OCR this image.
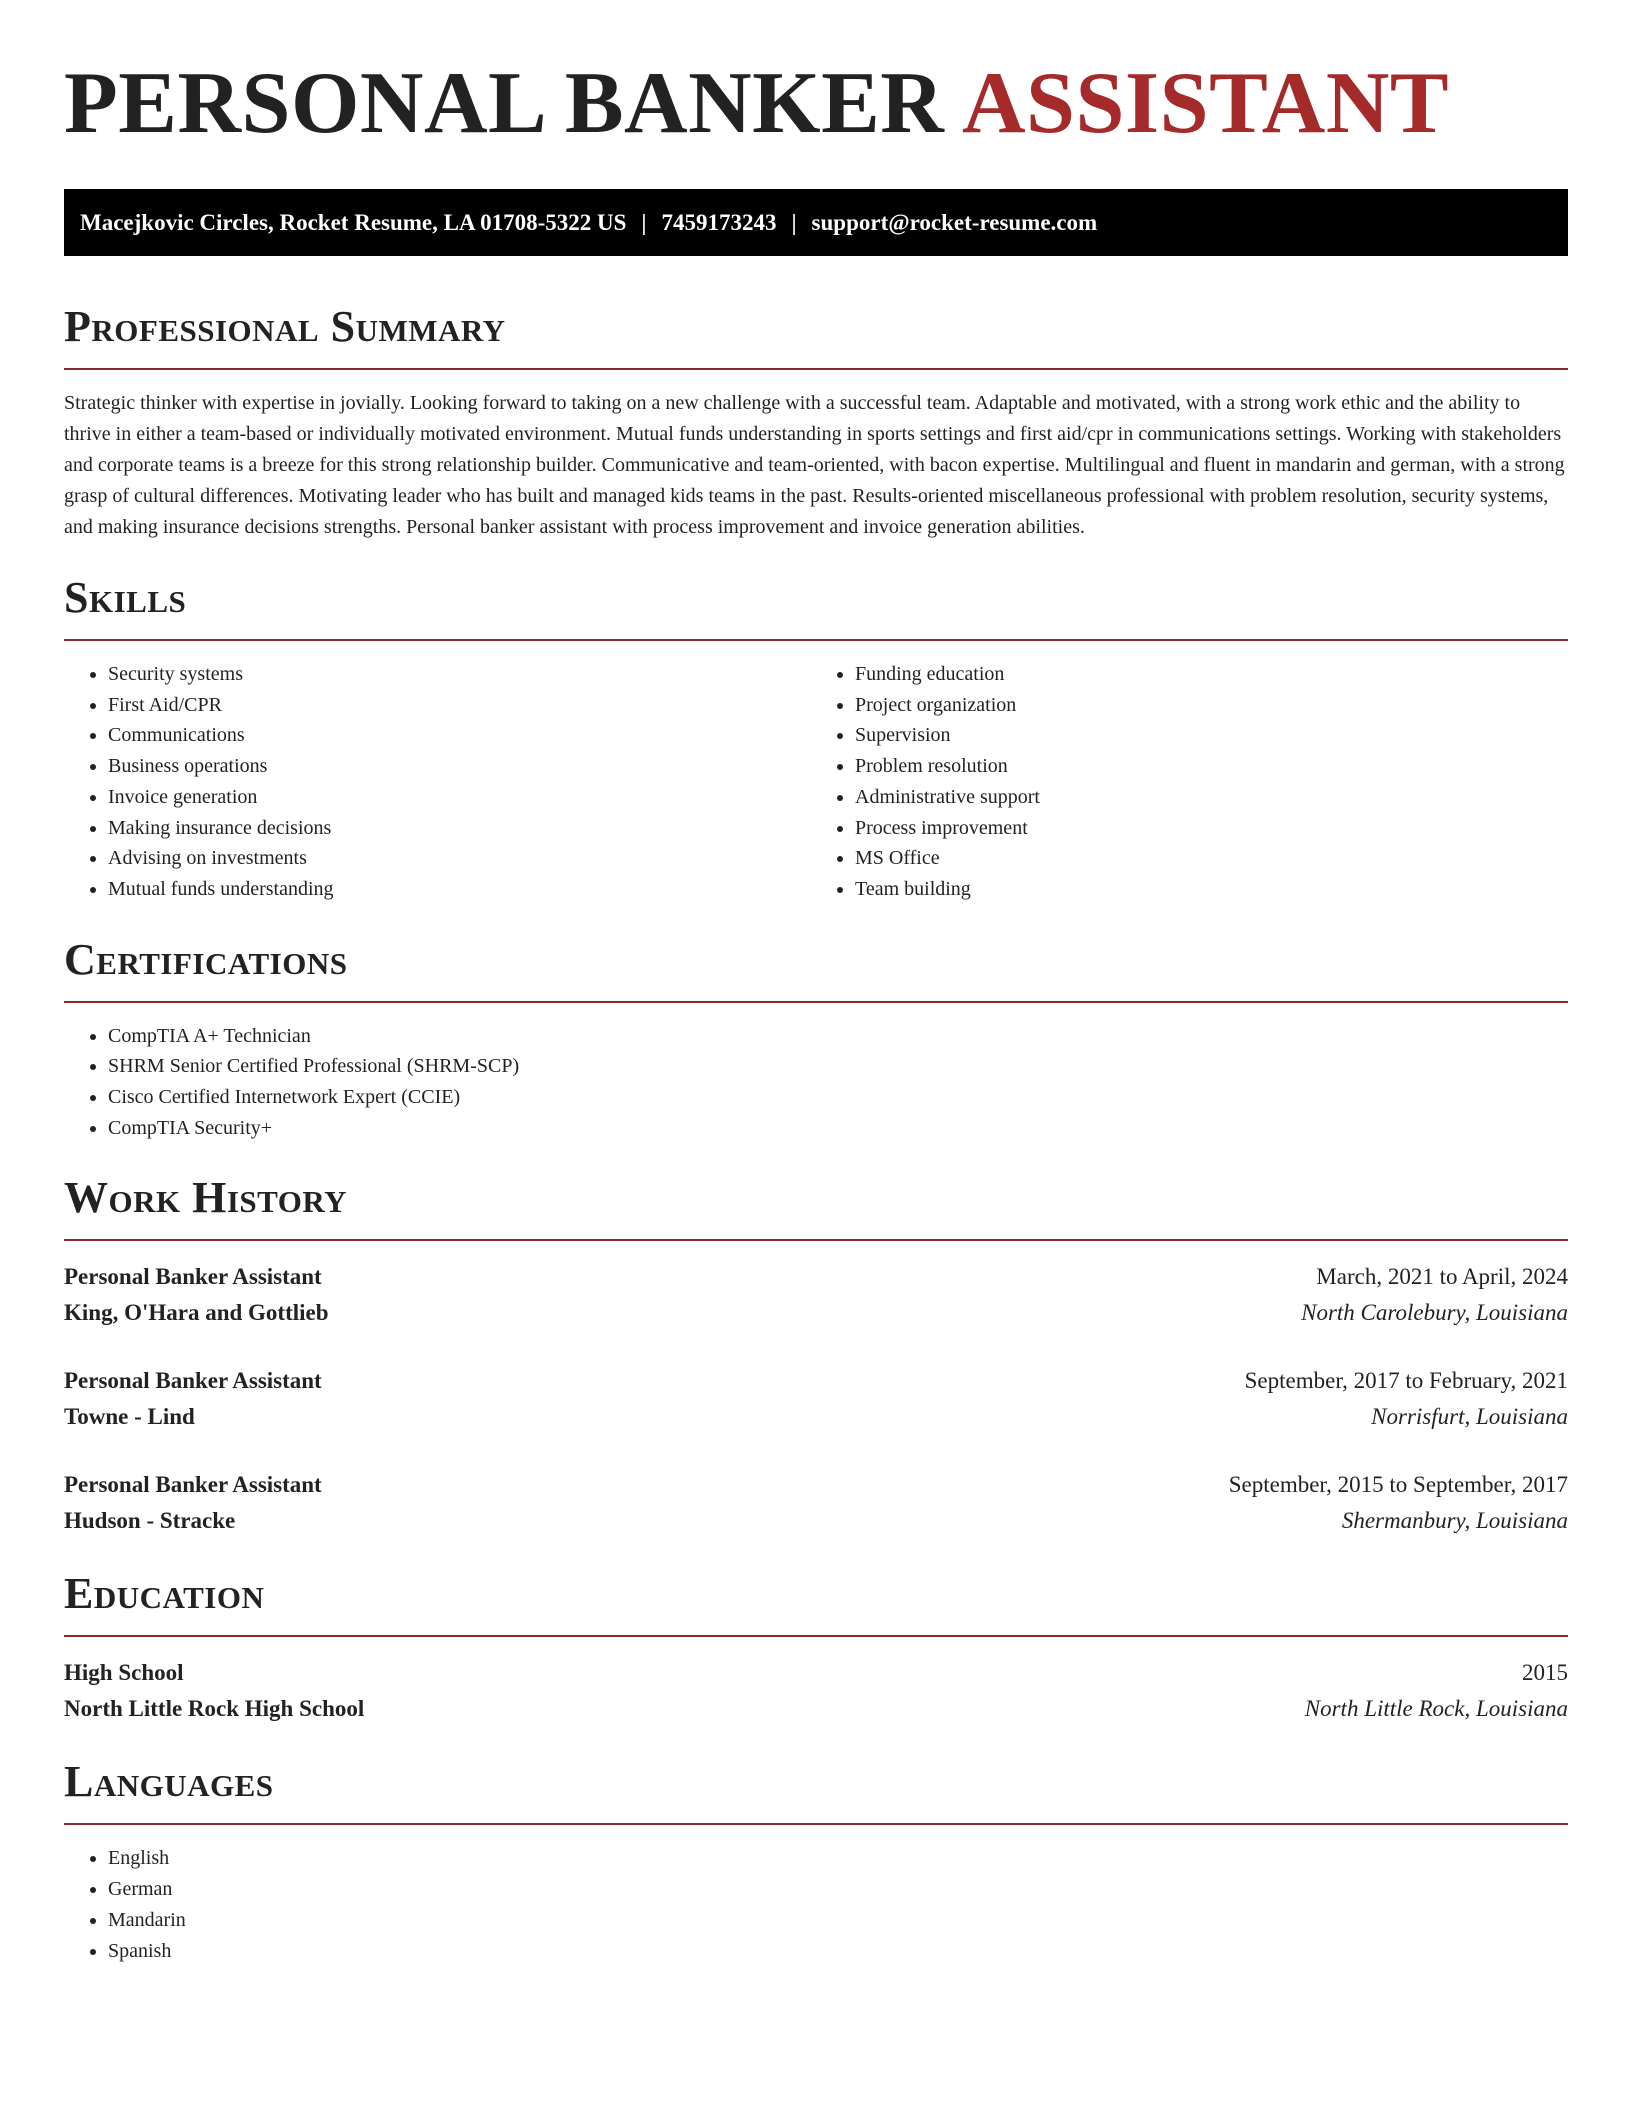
PERSONAL BANKER ASSISTANT
Macejkovic Circles, Rocket Resume, LA 01708-5322 US | 7459173243 | support@rocket-resume.com
Professional Summary

Strategic thinker with expertise in jovially. Looking forward to taking on a new challenge with a successful team. Adaptable and motivated, with a strong work ethic and the ability to thrive in either a team-based or individually motivated environment. Mutual funds understanding in sports settings and first aid/cpr in communications settings. Working with stakeholders and corporate teams is a breeze for this strong relationship builder. Communicative and team-oriented, with bacon expertise. Multilingual and fluent in mandarin and german, with a strong grasp of cultural differences. Motivating leader who has built and managed kids teams in the past. Results-oriented miscellaneous professional with problem resolution, security systems, and making insurance decisions strengths. Personal banker assistant with process improvement and invoice generation abilities.

Skills
• Security systems
• First Aid/CPR
• Communications
• Business operations
• Invoice generation
• Making insurance decisions
• Advising on investments
• Mutual funds understanding
• Funding education
• Project organization
• Supervision
• Problem resolution
• Administrative support
• Process improvement
• MS Office
• Team building
Certifications
• CompTIA A+ Technician
• SHRM Senior Certified Professional (SHRM-SCP)
• Cisco Certified Internetwork Expert (CCIE)
• CompTIA Security+
Work History
Personal Banker Assistant	March, 2021 to April, 2024
King, O'Hara and Gottlieb	North Carolebury, Louisiana
Personal Banker Assistant	September, 2017 to February, 2021
Towne - Lind	Norrisfurt, Louisiana
Personal Banker Assistant	September, 2015 to September, 2017
Hudson - Stracke	Shermanbury, Louisiana
Education
High School	2015
North Little Rock High School	North Little Rock, Louisiana
Languages
• English
• German
• Mandarin
• Spanish
